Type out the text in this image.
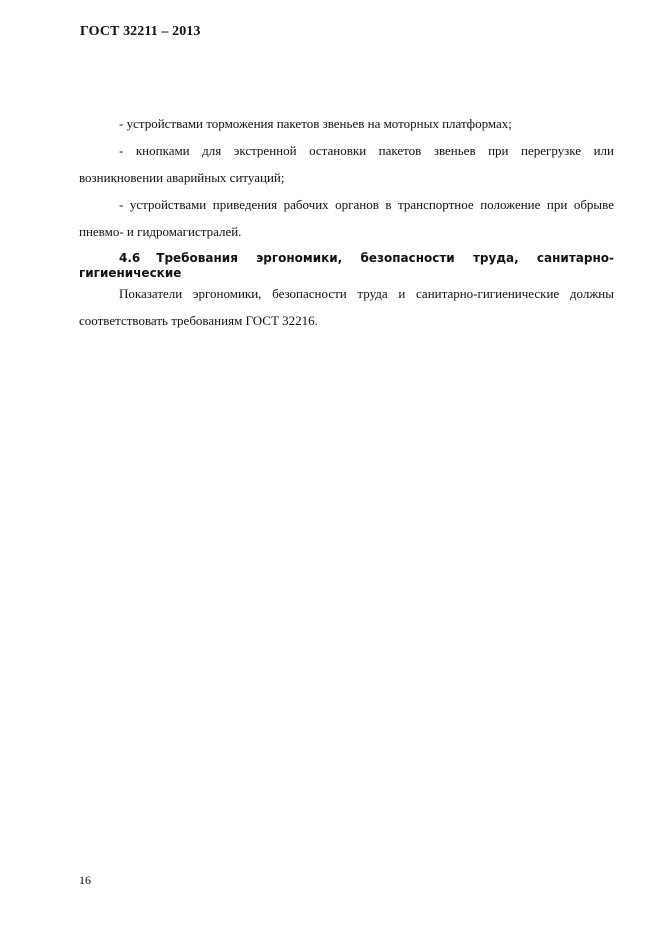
ГОСТ 32211 – 2013

- устройствами торможения пакетов звеньев на моторных платформах;

- кнопками для экстренной остановки пакетов звеньев при перегрузке или возникновении аварийных ситуаций;

- устройствами приведения рабочих органов в транспортное положение при обрыве пневмо- и гидромагистралей.

4.6 Требования эргономики, безопасности труда, санитарно-гигиенические

Показатели эргономики, безопасности труда и санитарно-гигиенические должны соответствовать требованиям ГОСТ 32216.

16
